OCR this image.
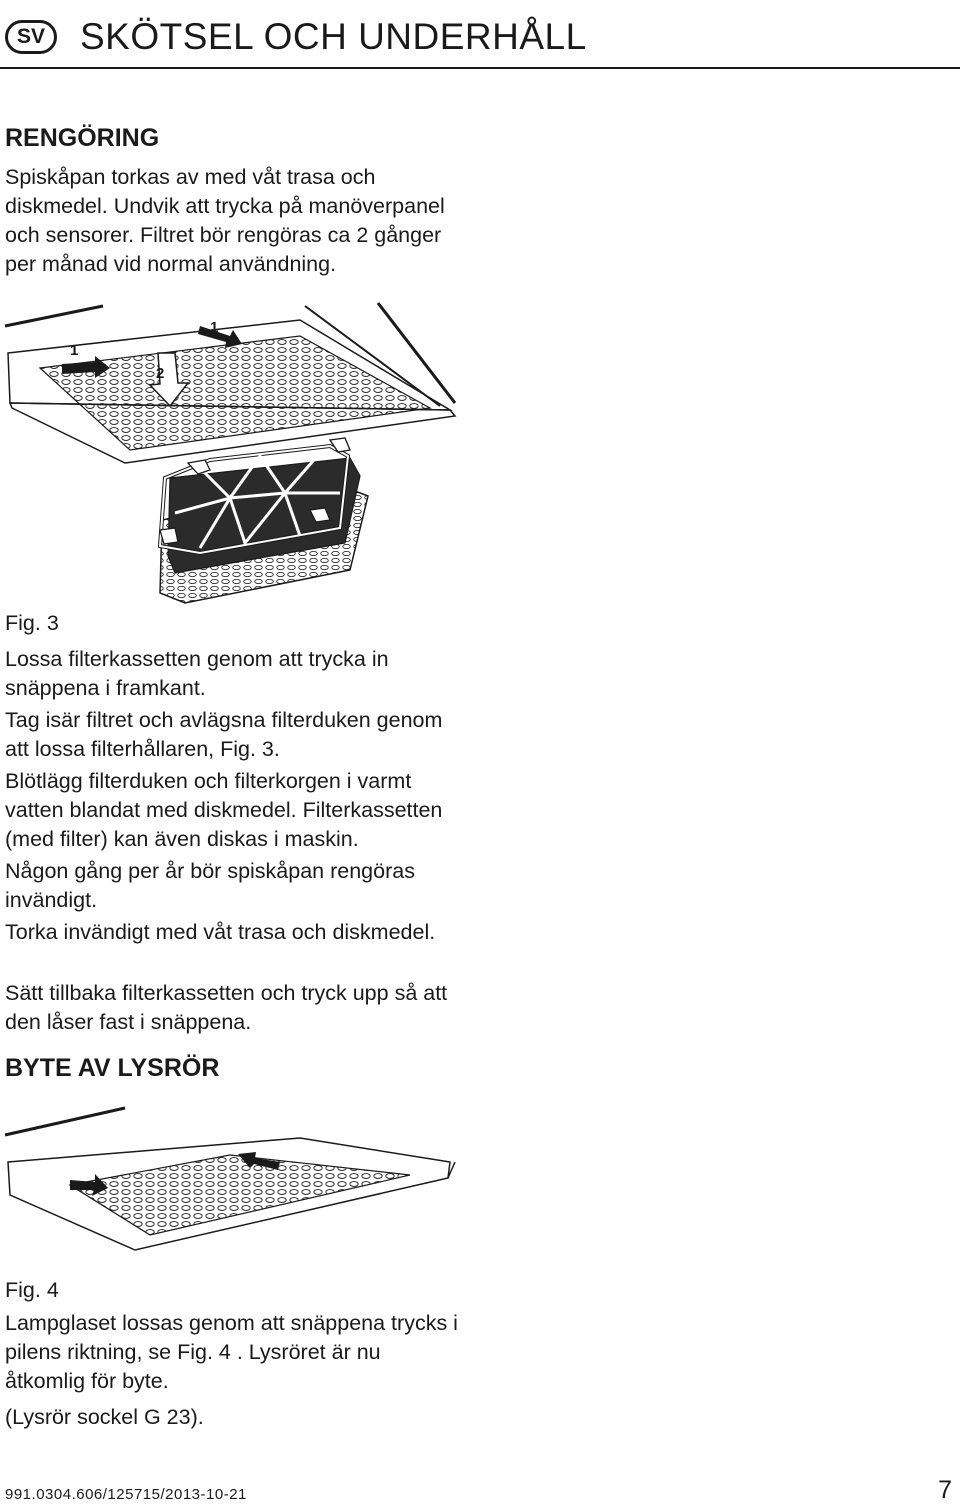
SV SKÖTSEL OCH UNDERHÅLL
RENGÖRING

Spiskåpan torkas av med våt trasa och diskmedel. Undvik att trycka på manöverpanel och sensorer. Filtret bör rengöras ca 2 gånger per månad vid normal användning.

1
1
2

Fig. 3

Lossa filterkassetten genom att trycka in snäppena i framkant.

Tag isär filtret och avlägsna filterduken genom att lossa filterhållaren, Fig. 3.

Blötlägg filterduken och filterkorgen i varmt vatten blandat med diskmedel. Filterkassetten (med filter) kan även diskas i maskin.

Någon gång per år bör spiskåpan rengöras invändigt.

Torka invändigt med våt trasa och diskmedel.

Sätt tillbaka filterkassetten och tryck upp så att den låser fast i snäppena.

BYTE AV LYSRÖR

Fig. 4

Lampglaset lossas genom att snäppena trycks i pilens riktning, se Fig. 4 . Lysröret är nu åtkomlig för byte.

(Lysrör sockel G 23).

991.0304.606/125715/2013-10-21	7
